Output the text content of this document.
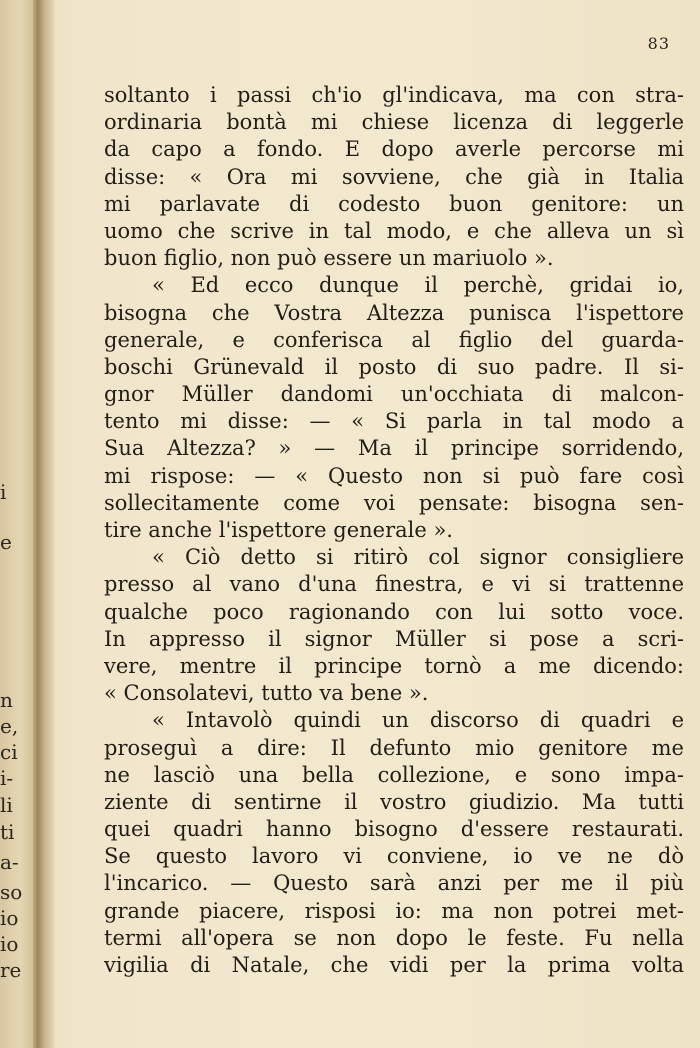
i
e
n
e,
ci
i-
li
ti
a-
so
io
io
re
83
soltanto i passi ch'io gl'indicava, ma con stra-
ordinaria bontà mi chiese licenza di leggerle
da capo a fondo. E dopo averle percorse mi
disse: « Ora mi sovviene, che già in Italia
mi parlavate di codesto buon genitore: un
uomo che scrive in tal modo, e che alleva un sì
buon figlio, non può essere un mariuolo ».
« Ed ecco dunque il perchè, gridai io,
bisogna che Vostra Altezza punisca l'ispettore
generale, e conferisca al figlio del guarda-
boschi Grünevald il posto di suo padre. Il si-
gnor Müller dandomi un'occhiata di malcon-
tento mi disse: — « Si parla in tal modo a
Sua Altezza? » — Ma il principe sorridendo,
mi rispose: — « Questo non si può fare così
sollecitamente come voi pensate: bisogna sen-
tire anche l'ispettore generale ».
« Ciò detto si ritirò col signor consigliere
presso al vano d'una finestra, e vi si trattenne
qualche poco ragionando con lui sotto voce.
In appresso il signor Müller si pose a scri-
vere, mentre il principe tornò a me dicendo:
« Consolatevi, tutto va bene ».
« Intavolò quindi un discorso di quadri e
proseguì a dire: Il defunto mio genitore me
ne lasciò una bella collezione, e sono impa-
ziente di sentirne il vostro giudizio. Ma tutti
quei quadri hanno bisogno d'essere restaurati.
Se questo lavoro vi conviene, io ve ne dò
l'incarico. — Questo sarà anzi per me il più
grande piacere, risposi io: ma non potrei met-
termi all'opera se non dopo le feste. Fu nella
vigilia di Natale, che vidi per la prima volta
